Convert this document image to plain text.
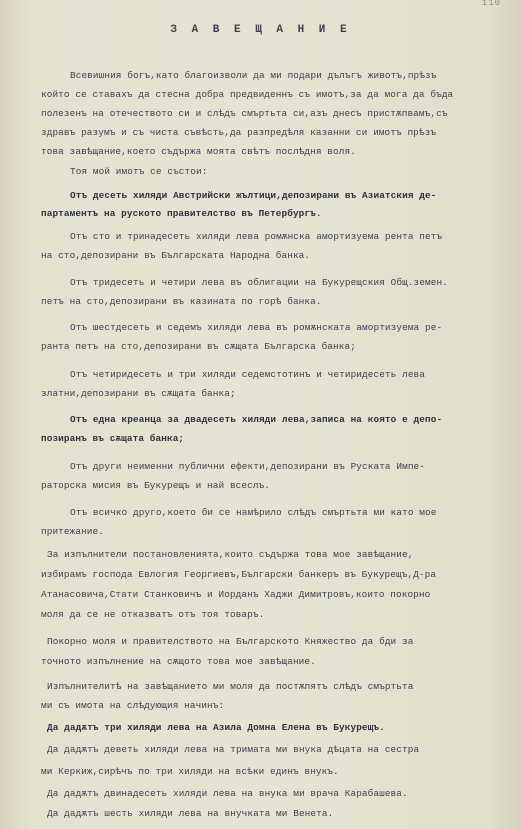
110
З А В Е Щ А Н И Е
Всевишния богъ,като благоизволи да ми подари дълъгъ животъ,прѣзъ
който се ставахъ да стесна добра предвиденнъ съ имотъ,за да мога да бъда
полезенъ на отечеството си и слѣдъ смъртьта си,азъ днесъ пристѫпвамъ,съ
здравъ разумъ и съ чиста съвѣсть,да разпредѣля казанни си имотъ прѣзъ
това завѣщание,което съдържа моята свѣтъ послѣдня воля.
Тоя мой имотъ се състои:
Отъ десеть хиляди Австрийски жълтици,депозирани въ Азиатския де-
партаментъ на руското правителство въ Петербургъ.
Отъ сто и тринадесеть хиляди лева ромѫнска амортизуема рента петъ
на сто,депозирани въ Българската Народна банка.
Отъ тридесеть и четири лева въ облигации на Букурещския Общ.земен.
петъ на сто,депозирани въ казината по горѣ банка.
Отъ шестдесеть и седемъ хиляди лева въ ромѫнската амортизуема ре-
ранта петъ на сто,депозирани въ сѫщата Българска банка;
Отъ четиридесеть и три хиляди седемстотинъ и четиридесеть лева
златни,депозирани въ сѫщата банка;
Отъ една креанца за двадесеть хиляди лева,записа на която е депо-
позиранъ въ сѫщата банка;
Отъ други неименни публични ефекти,депозирани въ Руската Импе-
раторска мисия въ Букурещъ и най всеслъ.
Отъ всичко друго,което би се намѣрило слѣдъ смъртьта ми като мое
притежание.
За изпълнители постановленията,които съдържа това мое завѣщание,
избирамъ господа Евлогия Георгиевъ,Български банкеръ въ Букурещъ,Д-ра
Атанасовича,Стати Станковичъ и Иорданъ Хаджи Димитровъ,които покорно
моля да се не отказватъ отъ тоя товаръ.
Покорно моля и правителството на Българското Княжество да бди за
точното изпълнение на сѫщото това мое завѣщание.
Изпълнителитѣ на завѣщанието ми моля да постѫпятъ слѣдъ смъртьта
ми съ имота на слѣдующия начинъ:
Да дадѫтъ три хиляди лева на Азила Домна Елена въ Букурещъ.
Да дадѫтъ деветь хиляди лева на тримата ми внука дѣцата на сестра
ми Керкиж,сирѣчъ по три хиляди на всѣки единъ внукъ.
Да дадѫтъ двинадесеть хиляди лева на внука ми врача Карабашева.
Да дадѫтъ шесть хиляди лева на внучката ми Венета.
